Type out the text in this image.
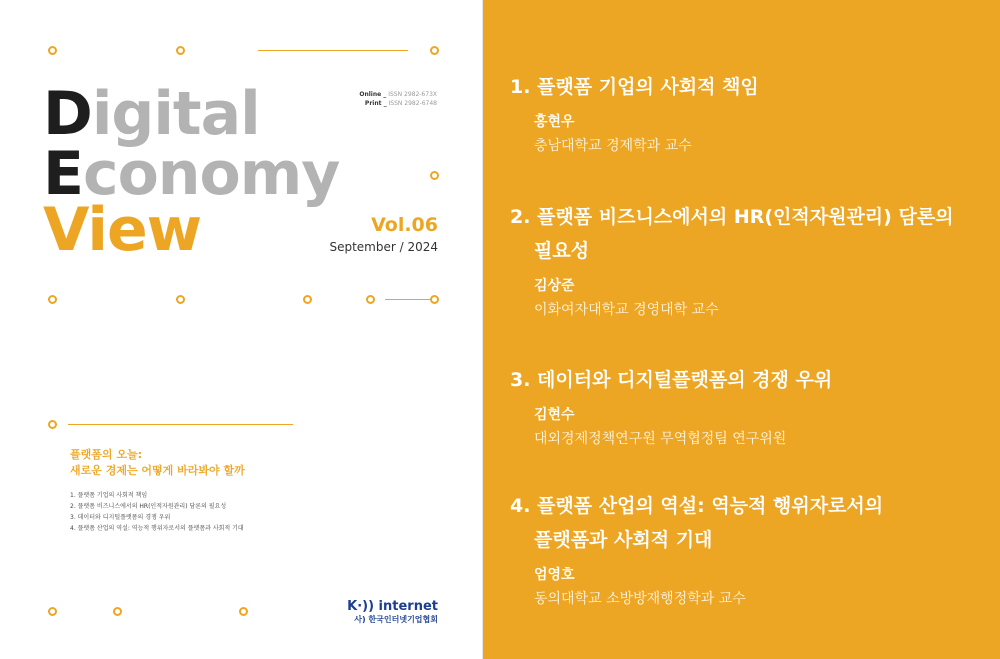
Digital
Economy
View
Online _ ISSN 2982-673X
Print _ ISSN 2982-6748
Vol.06
September / 2024
플랫폼의 오늘:
새로운 경제는 어떻게 바라봐야 할까
1. 플랫폼 기업의 사회적 책임
2. 플랫폼 비즈니스에서의 HR(인적자원관리) 담론의 필요성
3. 데이터와 디지털플랫폼의 경쟁 우위
4. 플랫폼 산업의 역설: 역능적 행위자로서의 플랫폼과 사회적 기대
K·)) internet
사) 한국인터넷기업협회
1. 플랫폼 기업의 사회적 책임
홍현우
충남대학교 경제학과 교수
2. 플랫폼 비즈니스에서의 HR(인적자원관리) 담론의
필요성
김상준
이화여자대학교 경영대학 교수
3. 데이터와 디지털플랫폼의 경쟁 우위
김현수
대외경제정책연구원 무역협정팀 연구위원
4. 플랫폼 산업의 역설: 역능적 행위자로서의
플랫폼과 사회적 기대
엄영호
동의대학교 소방방재행정학과 교수
